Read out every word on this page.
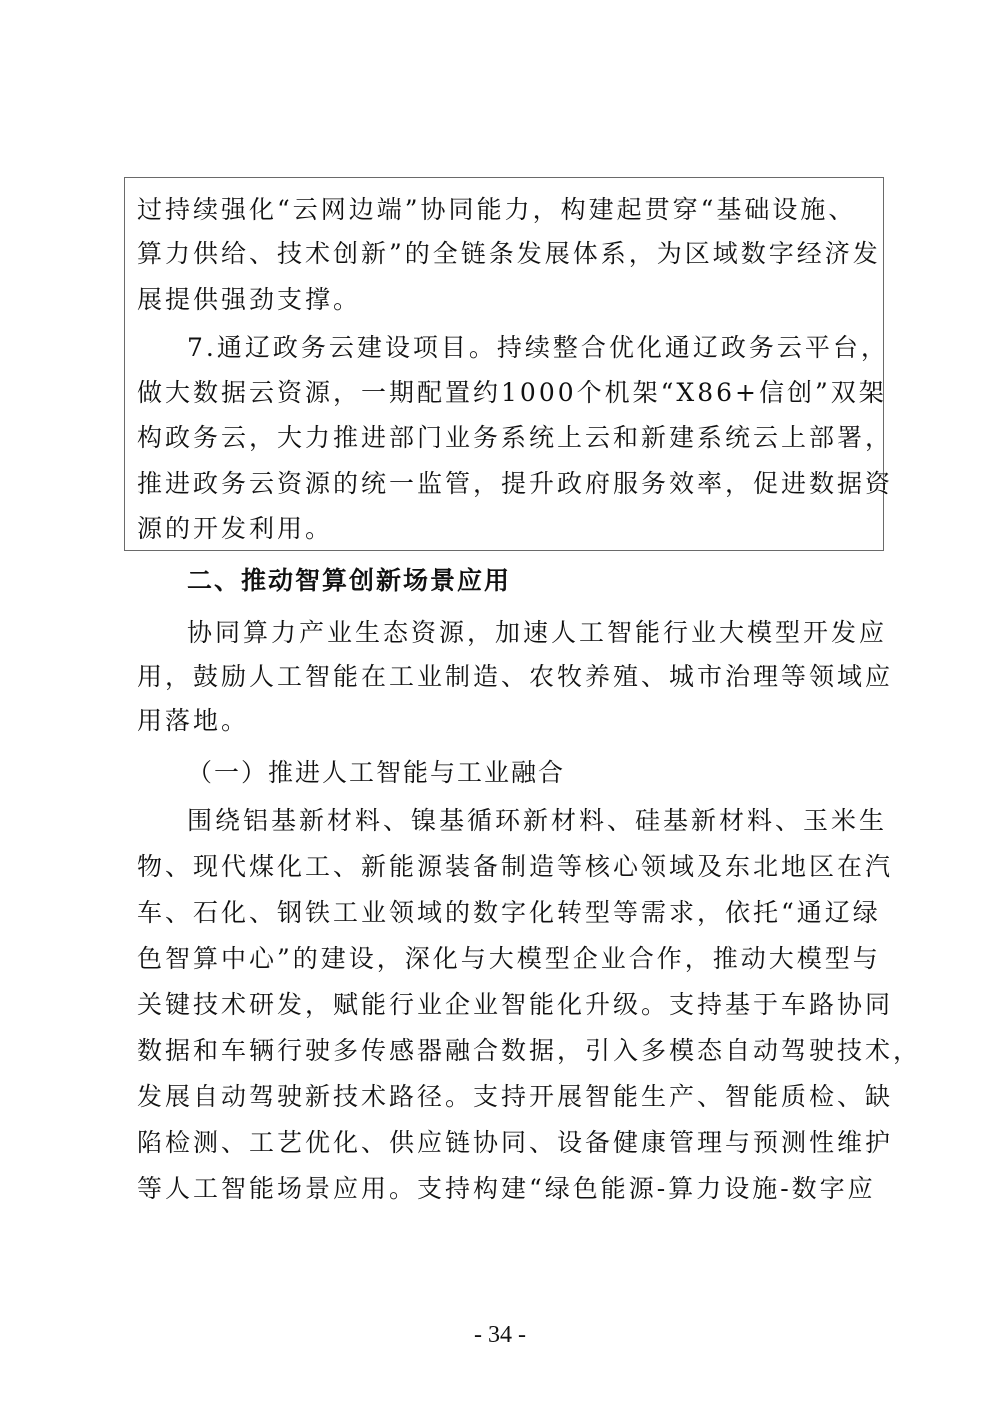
过持续强化“云网边端”协同能力，构建起贯穿“基础设施、
算力供给、技术创新”的全链条发展体系，为区域数字经济发
展提供强劲支撑。
7.通辽政务云建设项目。持续整合优化通辽政务云平台，
做大数据云资源，一期配置约1000个机架“X86+信创”双架
构政务云，大力推进部门业务系统上云和新建系统云上部署，
推进政务云资源的统一监管，提升政府服务效率，促进数据资
源的开发利用。
二、推动智算创新场景应用
协同算力产业生态资源，加速人工智能行业大模型开发应
用，鼓励人工智能在工业制造、农牧养殖、城市治理等领域应
用落地。
（一）推进人工智能与工业融合
围绕铝基新材料、镍基循环新材料、硅基新材料、玉米生
物、现代煤化工、新能源装备制造等核心领域及东北地区在汽
车、石化、钢铁工业领域的数字化转型等需求，依托“通辽绿
色智算中心”的建设，深化与大模型企业合作，推动大模型与
关键技术研发，赋能行业企业智能化升级。支持基于车路协同
数据和车辆行驶多传感器融合数据，引入多模态自动驾驶技术，
发展自动驾驶新技术路径。支持开展智能生产、智能质检、缺
陷检测、工艺优化、供应链协同、设备健康管理与预测性维护
等人工智能场景应用。支持构建“绿色能源-算力设施-数字应
- 34 -
